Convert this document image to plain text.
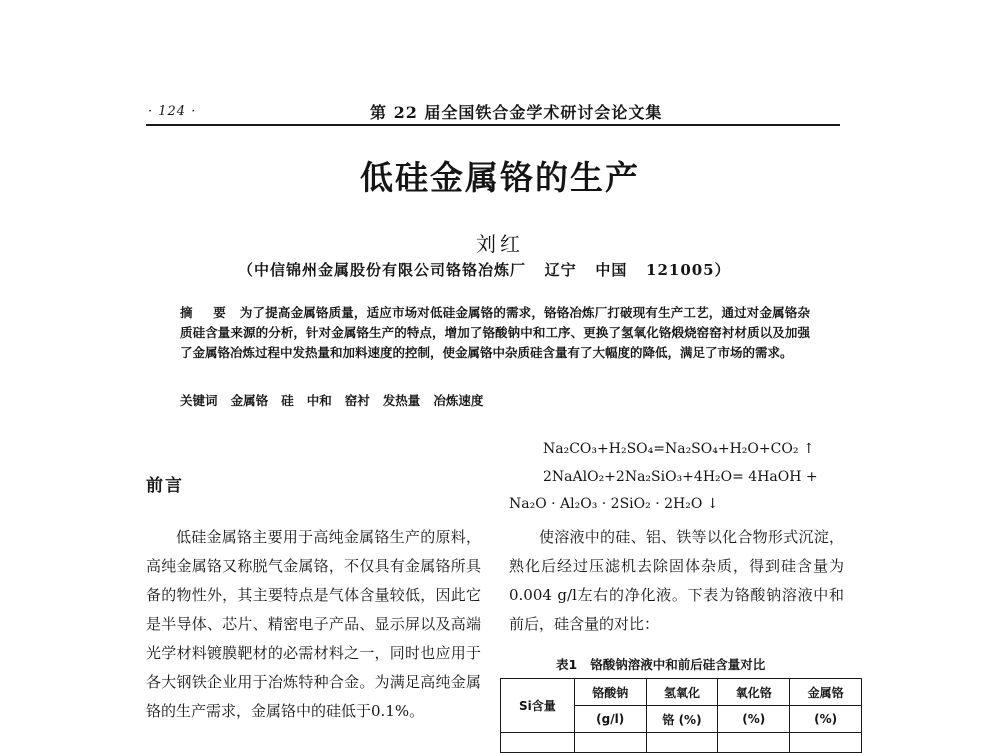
· 124 ·	第 22 届全国铁合金学术研讨会论文集
低硅金属铬的生产
刘红
（中信锦州金属股份有限公司铬铬冶炼厂   辽宁   中国   121005）
摘 要 为了提高金属铬质量，适应市场对低硅金属铬的需求，铬铬冶炼厂打破现有生产工艺，通过对金属铬杂质硅含量来源的分析，针对金属铬生产的特点，增加了铬酸钠中和工序、更换了氢氧化铬煅烧窑窑衬材质以及加强了金属铬冶炼过程中发热量和加料速度的控制，使金属铬中杂质硅含量有了大幅度的降低，满足了市场的需求。
关键词 金属铬   硅   中和   窑衬   发热量   冶炼速度
前言

低硅金属铬主要用于高纯金属铬生产的原料，高纯金属铬又称脱气金属铬，不仅具有金属铬所具备的物性外，其主要特点是气体含量较低，因此它是半导体、芯片、精密电子产品、显示屏以及高端光学材料镀膜靶材的必需材料之一，同时也应用于各大钢铁企业用于冶炼特种合金。为满足高纯金属铬的生产需求，金属铬中的硅低于0.1%。

Na₂CO₃+H₂SO₄=Na₂SO₄+H₂O+CO₂ ↑
2NaAlO₂+2Na₂SiO₃+4H₂O= 4HaOH +
Na₂O · Al₂O₃ · 2SiO₂ · 2H₂O ↓

使溶液中的硅、铝、铁等以化合物形式沉淀，熟化后经过压滤机去除固体杂质，得到硅含量为0.004 g/l左右的净化液。下表为铬酸钠溶液中和前后，硅含量的对比：

表1   铬酸钠溶液中和前后硅含量对比
Si含量	铬酸钠	氢氧化	氧化铬	金属铬
	(g/l)	铬 (%)	(%)	(%)
